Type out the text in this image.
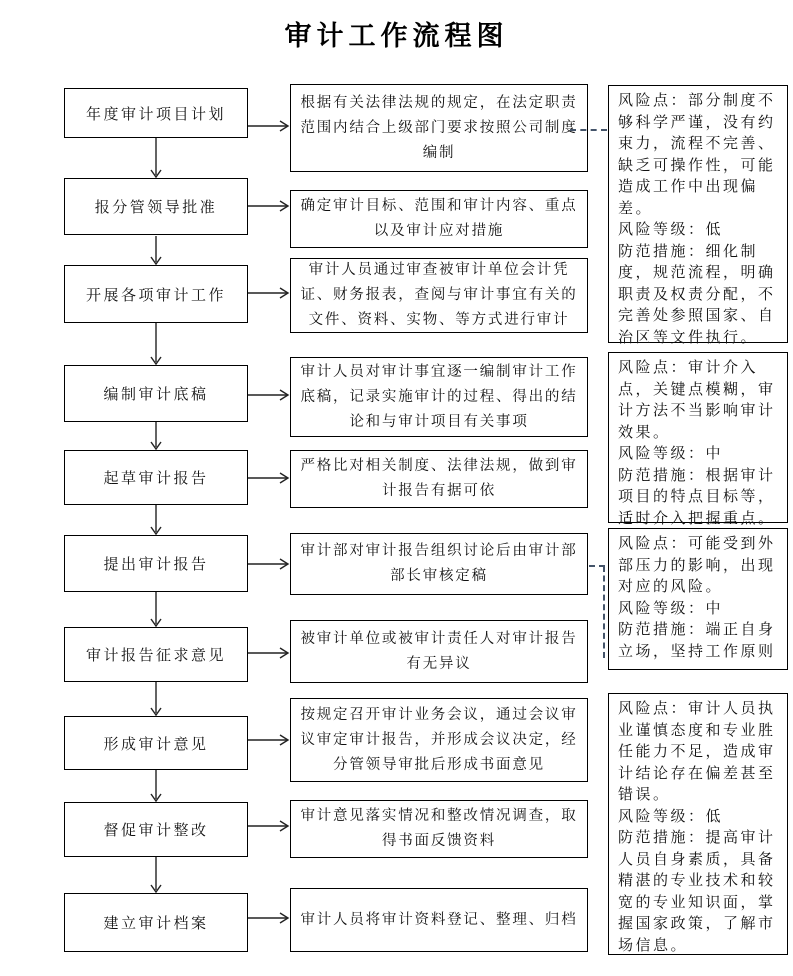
审计工作流程图
年度审计项目计划
报分管领导批准
开展各项审计工作
编制审计底稿
起草审计报告
提出审计报告
审计报告征求意见
形成审计意见
督促审计整改
建立审计档案
根据有关法律法规的规定，在法定职责范围内结合上级部门要求按照公司制度编制
确定审计目标、范围和审计内容、重点以及审计应对措施
审计人员通过审查被审计单位会计凭证、财务报表，查阅与审计事宜有关的文件、资料、实物、等方式进行审计
审计人员对审计事宜逐一编制审计工作底稿，记录实施审计的过程、得出的结论和与审计项目有关事项
严格比对相关制度、法律法规，做到审计报告有据可依
审计部对审计报告组织讨论后由审计部部长审核定稿
被审计单位或被审计责任人对审计报告有无异议
按规定召开审计业务会议，通过会议审议审定审计报告，并形成会议决定，经分管领导审批后形成书面意见
审计意见落实情况和整改情况调查，取得书面反馈资料
审计人员将审计资料登记、整理、归档

风险点：部分制度不够科学严谨，没有约束力，流程不完善、缺乏可操作性，可能造成工作中出现偏差。

风险等级：低

防范措施：细化制度，规范流程，明确职责及权责分配，不完善处参照国家、自治区等文件执行。

风险点：审计介入点，关键点模糊，审计方法不当影响审计效果。

风险等级：中

防范措施：根据审计项目的特点目标等，适时介入把握重点。

风险点：可能受到外部压力的影响，出现对应的风险。

风险等级：中

防范措施：端正自身立场，坚持工作原则

风险点：审计人员执业谨慎态度和专业胜任能力不足，造成审计结论存在偏差甚至错误。

风险等级：低

防范措施：提高审计人员自身素质，具备精湛的专业技术和较宽的专业知识面，掌握国家政策，了解市场信息。
